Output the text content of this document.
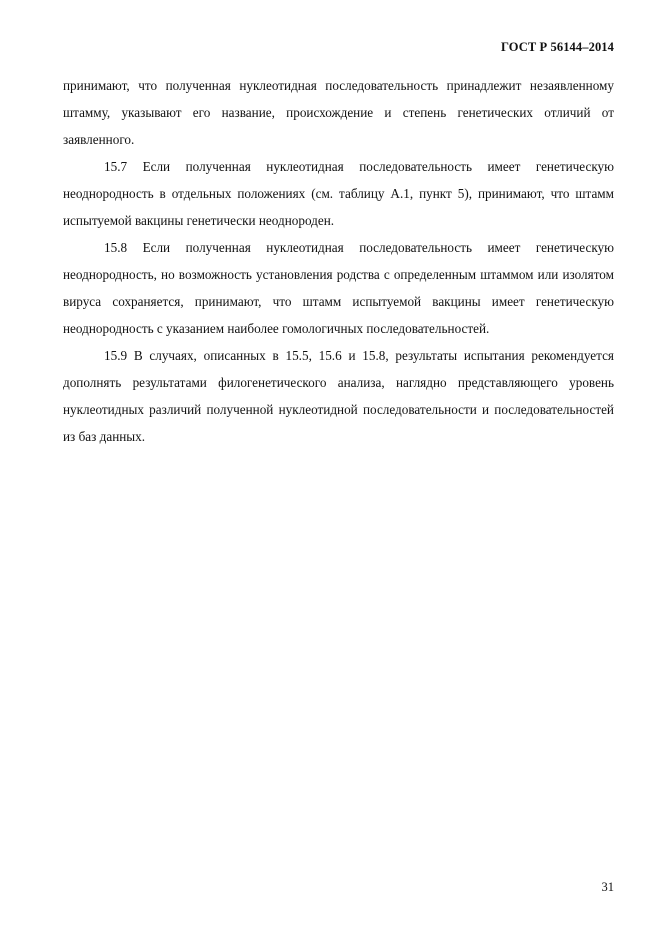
ГОСТ Р 56144–2014

принимают, что полученная нуклеотидная последовательность принадлежит незаявленному штамму, указывают его название, происхождение и степень генетических отличий от заявленного.

15.7 Если полученная нуклеотидная последовательность имеет генетическую неоднородность в отдельных положениях (см. таблицу А.1, пункт 5), принимают, что штамм испытуемой вакцины генетически неоднороден.

15.8 Если полученная нуклеотидная последовательность имеет генетическую неоднородность, но возможность установления родства с определенным штаммом или изолятом вируса сохраняется, принимают, что штамм испытуемой вакцины имеет генетическую неоднородность с указанием наиболее гомологичных последовательностей.

15.9 В случаях, описанных в 15.5, 15.6 и 15.8, результаты испытания рекомендуется дополнять результатами филогенетического анализа, наглядно представляющего уровень нуклеотидных различий полученной нуклеотидной последовательности и последовательностей из баз данных.

31
